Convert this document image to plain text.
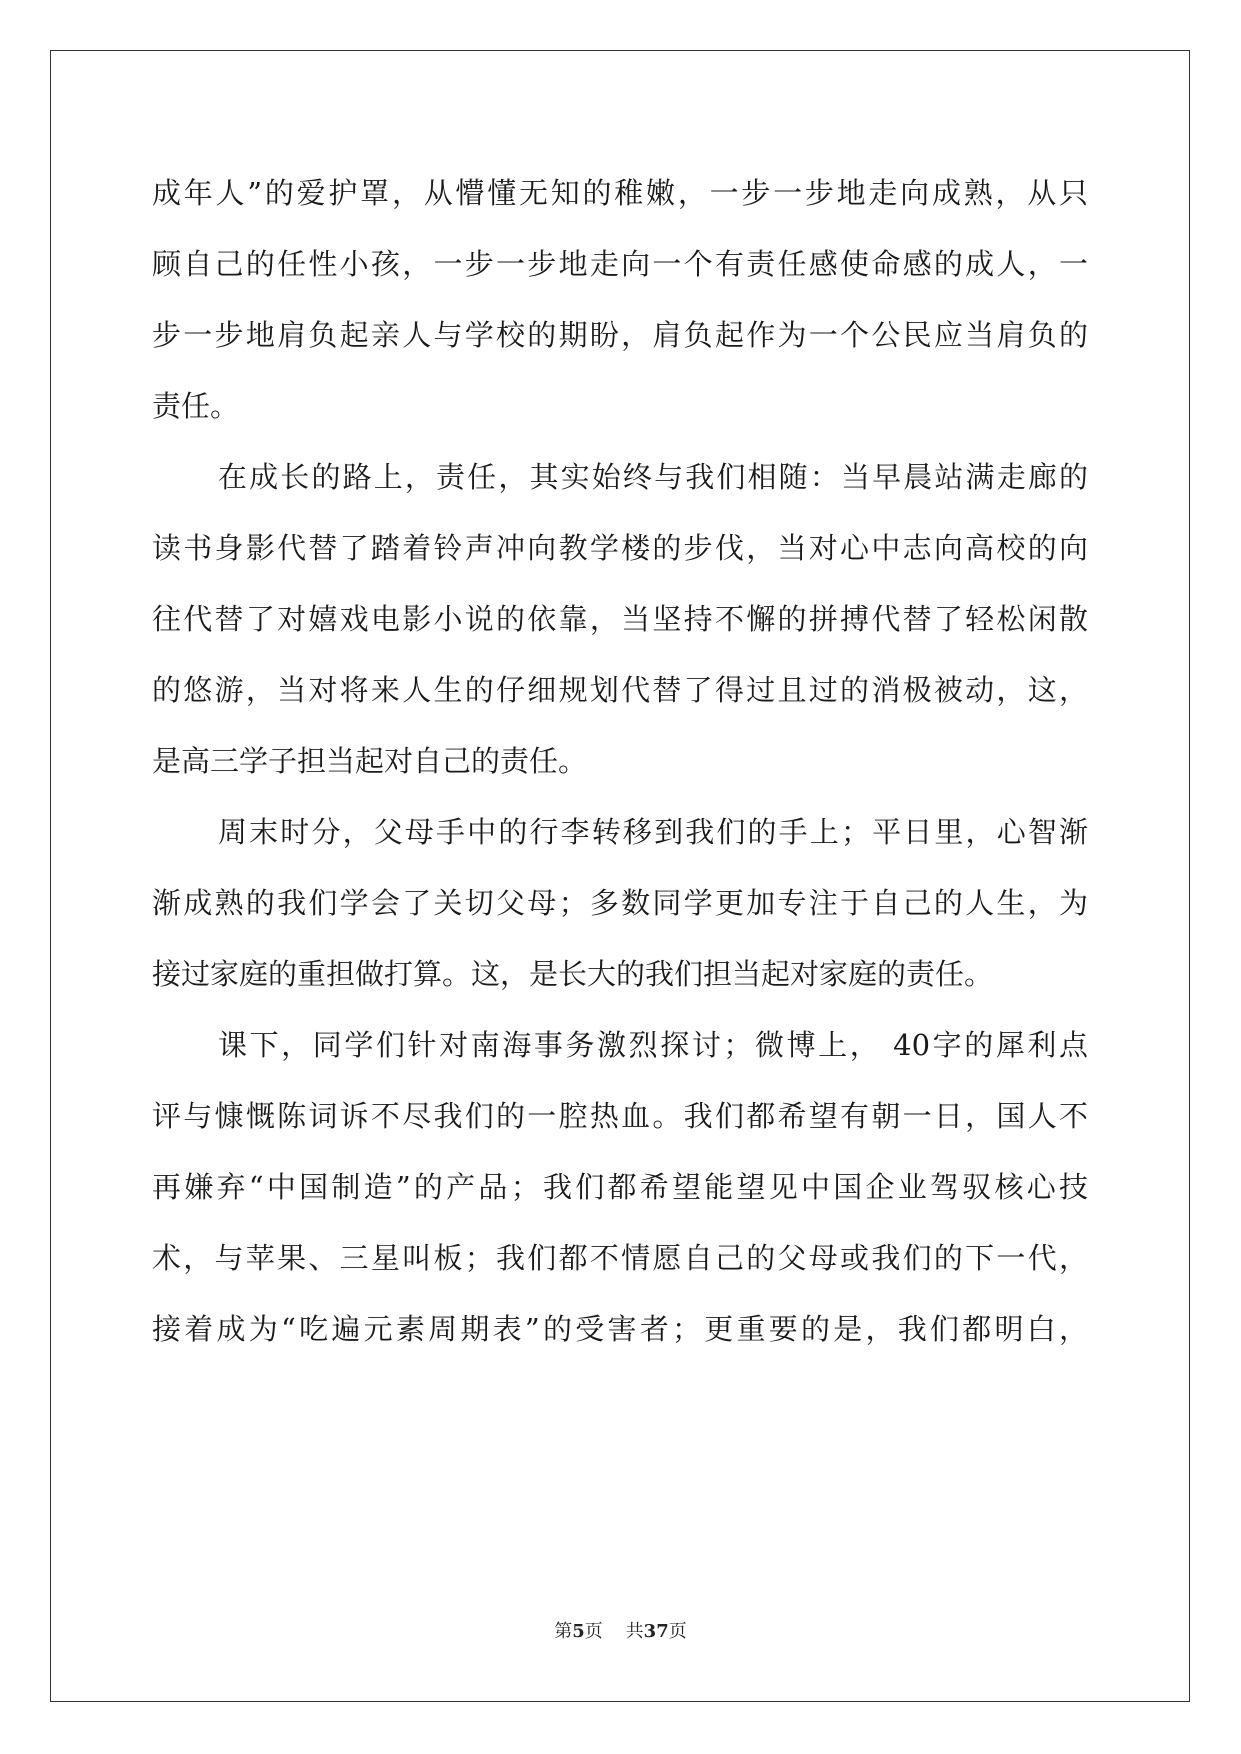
成年人”的爱护罩，从懵懂无知的稚嫩，一步一步地走向成熟，从只
顾自己的任性小孩，一步一步地走向一个有责任感使命感的成人，一
步一步地肩负起亲人与学校的期盼，肩负起作为一个公民应当肩负的
责任。
在成长的路上，责任，其实始终与我们相随：当早晨站满走廊的
读书身影代替了踏着铃声冲向教学楼的步伐，当对心中志向高校的向
往代替了对嬉戏电影小说的依靠，当坚持不懈的拼搏代替了轻松闲散
的悠游，当对将来人生的仔细规划代替了得过且过的消极被动，这，
是高三学子担当起对自己的责任。
周末时分，父母手中的行李转移到我们的手上；平日里，心智渐
渐成熟的我们学会了关切父母；多数同学更加专注于自己的人生，为
接过家庭的重担做打算。这，是长大的我们担当起对家庭的责任。
课下，同学们针对南海事务激烈探讨；微博上， 40字的犀利点
评与慷慨陈词诉不尽我们的一腔热血。我们都希望有朝一日，国人不
再嫌弃“中国制造”的产品；我们都希望能望见中国企业驾驭核心技
术，与苹果、三星叫板；我们都不情愿自己的父母或我们的下一代，
接着成为“吃遍元素周期表”的受害者；更重要的是，我们都明白，
第5页 共37页
